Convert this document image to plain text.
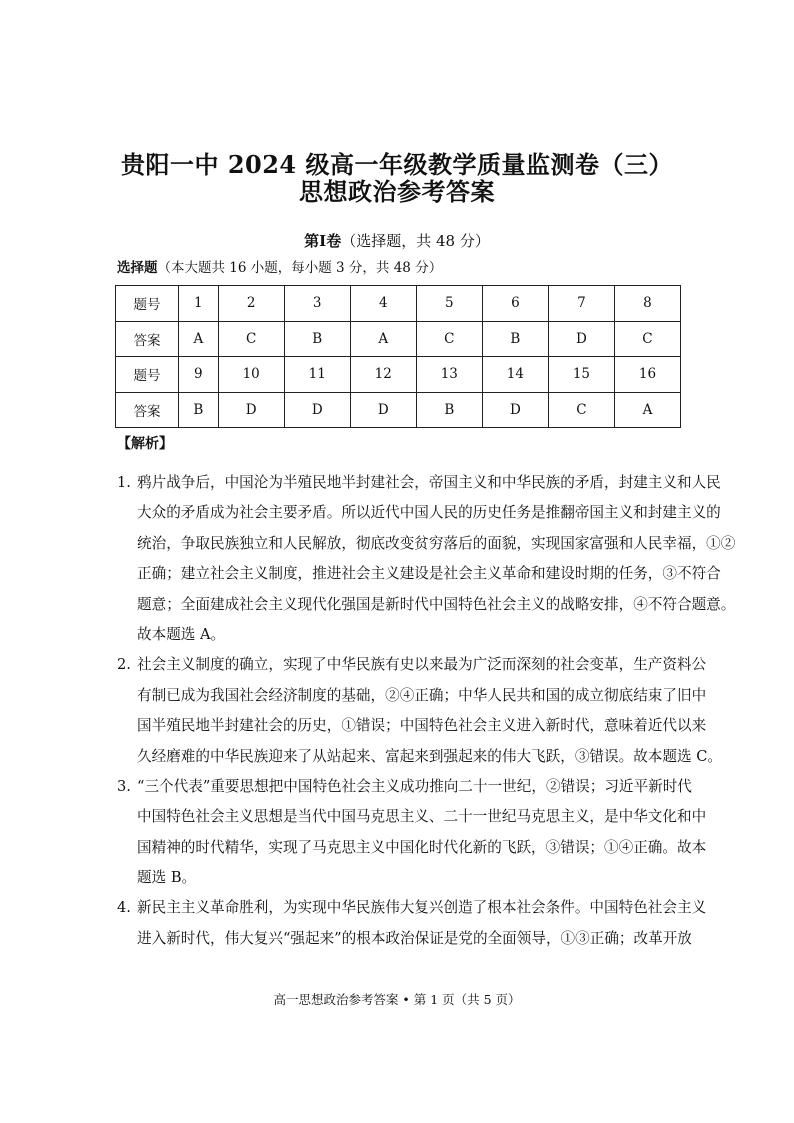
贵阳一中 2024 级高一年级教学质量监测卷（三）
思想政治参考答案
第Ⅰ卷（选择题，共 48 分）
选择题（本大题共 16 小题，每小题 3 分，共 48 分）
题号	1	2	3	4	5	6	7	8
答案	A	C	B	A	C	B	D	C
题号	9	10	11	12	13	14	15	16
答案	B	D	D	D	B	D	C	A
【解析】
1. 鸦片战争后，中国沦为半殖民地半封建社会，帝国主义和中华民族的矛盾，封建主义和人民
大众的矛盾成为社会主要矛盾。所以近代中国人民的历史任务是推翻帝国主义和封建主义的
统治，争取民族独立和人民解放，彻底改变贫穷落后的面貌，实现国家富强和人民幸福，①②
正确；建立社会主义制度，推进社会主义建设是社会主义革命和建设时期的任务，③不符合
题意；全面建成社会主义现代化强国是新时代中国特色社会主义的战略安排，④不符合题意。
故本题选 A。
2. 社会主义制度的确立，实现了中华民族有史以来最为广泛而深刻的社会变革，生产资料公
有制已成为我国社会经济制度的基础，②④正确；中华人民共和国的成立彻底结束了旧中
国半殖民地半封建社会的历史，①错误；中国特色社会主义进入新时代，意味着近代以来
久经磨难的中华民族迎来了从站起来、富起来到强起来的伟大飞跃，③错误。故本题选 C。
3. “三个代表”重要思想把中国特色社会主义成功推向二十一世纪，②错误；习近平新时代
中国特色社会主义思想是当代中国马克思主义、二十一世纪马克思主义，是中华文化和中
国精神的时代精华，实现了马克思主义中国化时代化新的飞跃，③错误；①④正确。故本
题选 B。
4. 新民主主义革命胜利，为实现中华民族伟大复兴创造了根本社会条件。中国特色社会主义
进入新时代，伟大复兴“强起来”的根本政治保证是党的全面领导，①③正确；改革开放
高一思想政治参考答案 • 第 1 页（共 5 页）
